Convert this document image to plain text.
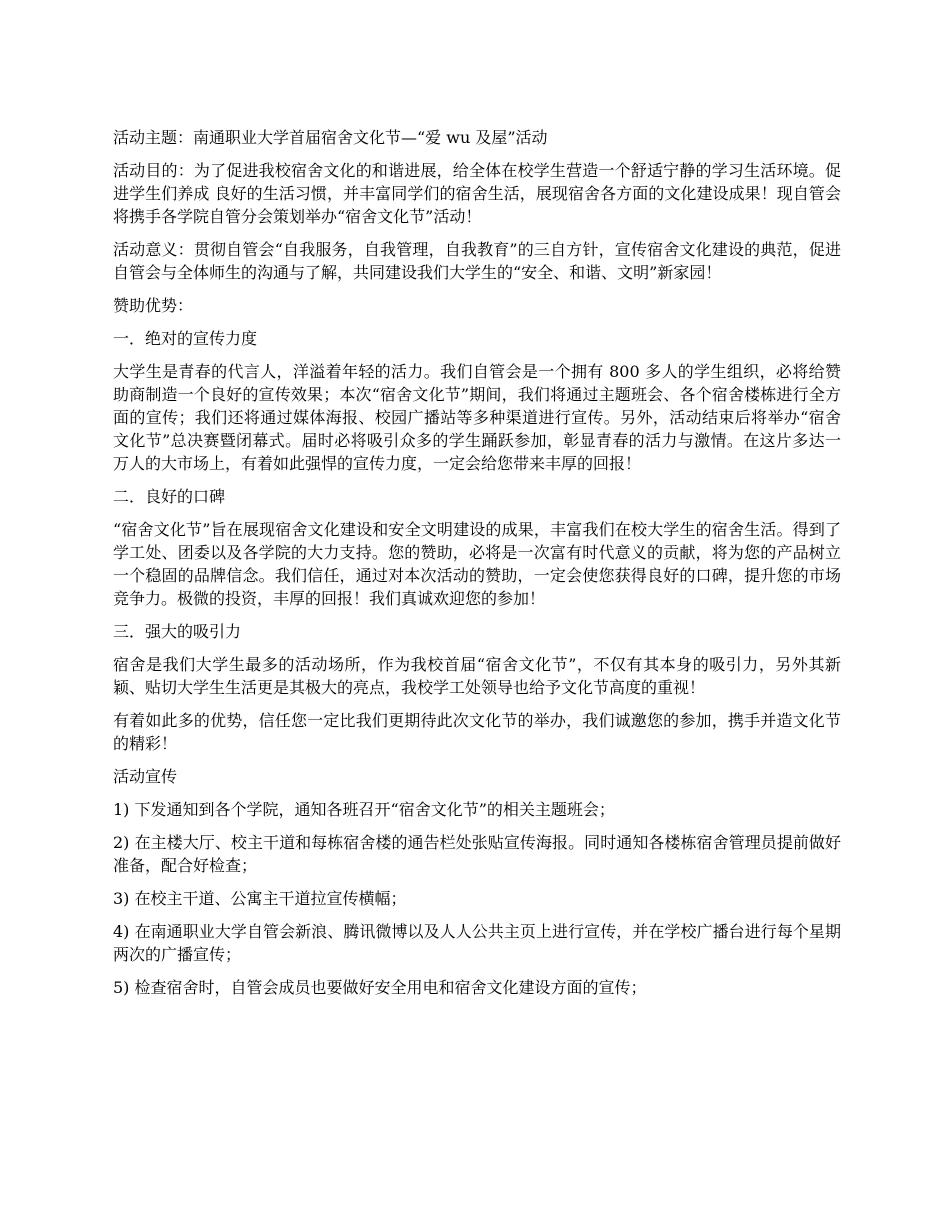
活动主题：南通职业大学首届宿舍文化节—“爱 wu 及屋”活动

活动目的：为了促进我校宿舍文化的和谐进展，给全体在校学生营造一个舒适宁静的学习生活环境。促进学生们养成 良好的生活习惯，并丰富同学们的宿舍生活，展现宿舍各方面的文化建设成果！现自管会将携手各学院自管分会策划举办“宿舍文化节”活动！

活动意义：贯彻自管会“自我服务，自我管理，自我教育”的三自方针，宣传宿舍文化建设的典范，促进自管会与全体师生的沟通与了解，共同建设我们大学生的“安全、和谐、文明”新家园！

赞助优势：

一．绝对的宣传力度

大学生是青春的代言人，洋溢着年轻的活力。我们自管会是一个拥有 800 多人的学生组织，必将给赞助商制造一个良好的宣传效果；本次“宿舍文化节”期间，我们将通过主题班会、各个宿舍楼栋进行全方面的宣传；我们还将通过媒体海报、校园广播站等多种渠道进行宣传。另外，活动结束后将举办“宿舍文化节”总决赛暨闭幕式。届时必将吸引众多的学生踊跃参加，彰显青春的活力与激情。在这片多达一万人的大市场上，有着如此强悍的宣传力度，一定会给您带来丰厚的回报！

二．良好的口碑

“宿舍文化节”旨在展现宿舍文化建设和安全文明建设的成果，丰富我们在校大学生的宿舍生活。得到了学工处、团委以及各学院的大力支持。您的赞助，必将是一次富有时代意义的贡献，将为您的产品树立一个稳固的品牌信念。我们信任，通过对本次活动的赞助，一定会使您获得良好的口碑，提升您的市场竞争力。极微的投资，丰厚的回报！我们真诚欢迎您的参加！

三．强大的吸引力

宿舍是我们大学生最多的活动场所，作为我校首届“宿舍文化节”，不仅有其本身的吸引力，另外其新颖、贴切大学生生活更是其极大的亮点，我校学工处领导也给予文化节高度的重视！

有着如此多的优势，信任您一定比我们更期待此次文化节的举办，我们诚邀您的参加，携手并造文化节的精彩！

活动宣传

1) 下发通知到各个学院，通知各班召开“宿舍文化节”的相关主题班会；

2) 在主楼大厅、校主干道和每栋宿舍楼的通告栏处张贴宣传海报。同时通知各楼栋宿舍管理员提前做好准备，配合好检查；

3) 在校主干道、公寓主干道拉宣传横幅；

4) 在南通职业大学自管会新浪、腾讯微博以及人人公共主页上进行宣传，并在学校广播台进行每个星期两次的广播宣传；

5) 检查宿舍时，自管会成员也要做好安全用电和宿舍文化建设方面的宣传；
